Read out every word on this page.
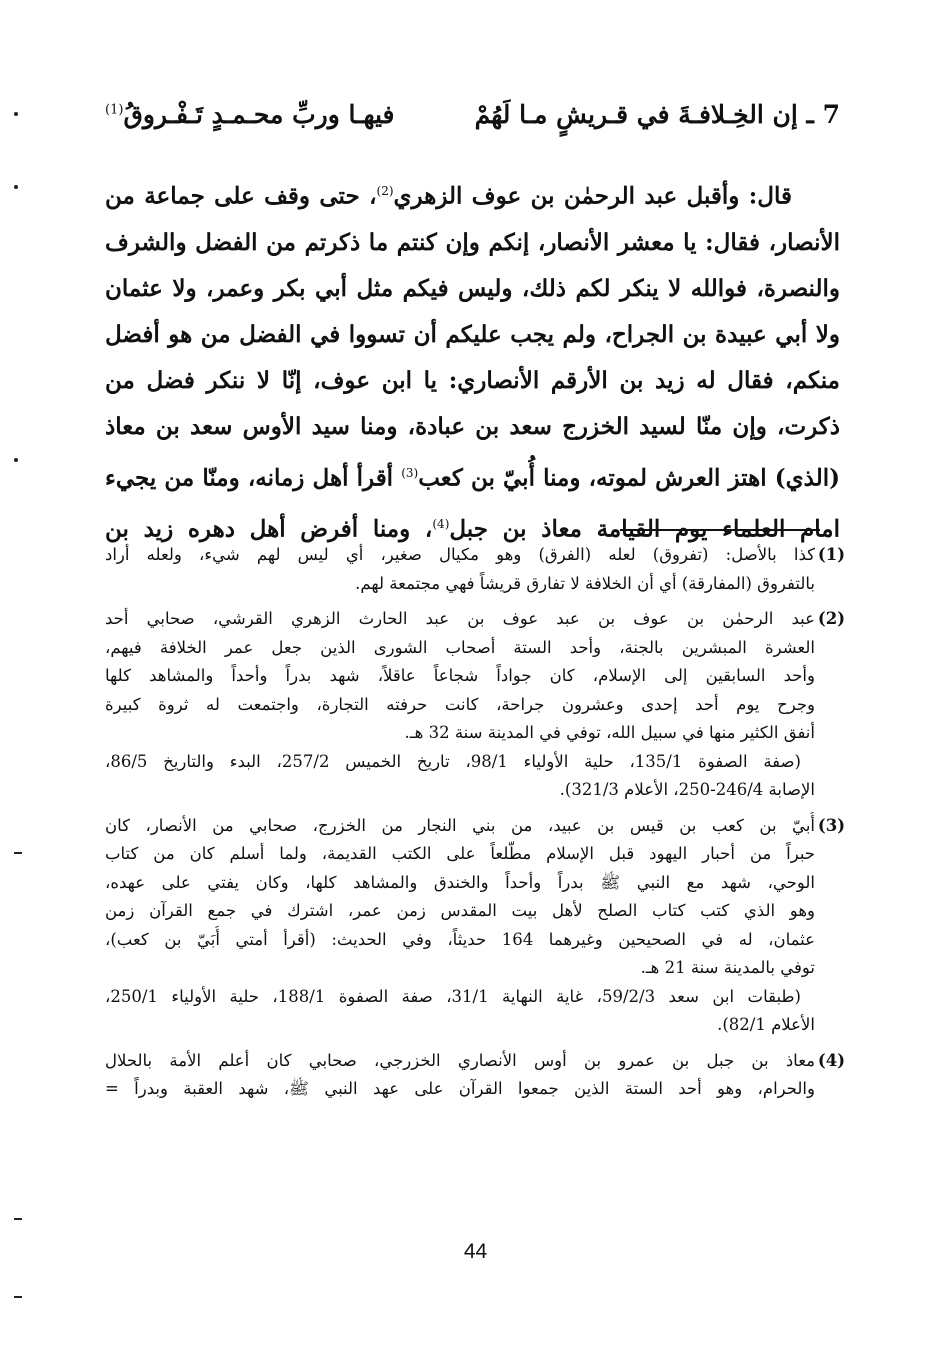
7 ـ إن الخِـلافـةَ في قـريشٍ مـا لَهُمْ
فيهـا وربِّ محـمـدٍ تَـفْـروقُ$^{(1)}$

قال: وأقبل عبد الرحمٰن بن عوف الزهري$^{(2)}$، حتى وقف على جماعة من

الأنصار، فقال: يا معشر الأنصار، إنكم وإن كنتم ما ذكرتم من الفضل والشرف

والنصرة، فوالله لا ينكر لكم ذلك، وليس فيكم مثل أبي بكر وعمر، ولا عثمان

ولا أبي عبيدة بن الجراح، ولم يجب عليكم أن تسووا في الفضل من هو أفضل

منكم، فقال له زيد بن الأرقم الأنصاري: يا ابن عوف، إنّا لا ننكر فضل من

ذكرت، وإن منّا لسيد الخزرج سعد بن عبادة، ومنا سيد الأوس سعد بن معاذ

(الذي) اهتز العرش لموته، ومنا أُبيّ بن كعب$^{(3)}$ أقرأ أهل زمانه، ومنّا من يجيء

امام العلماء يوم القيامة معاذ بن جبل$^{(4)}$، ومنا أفرض أهل دهره زيد بن

(1)
كذا بالأصل: (تفروق) لعله (الفرق) وهو مكيال صغير، أي ليس لهم شيء، ولعله أراد
بالتفروق (المفارقة) أي أن الخلافة لا تفارق قريشاً فهي مجتمعة لهم.
(2)
عبد الرحمٰن بن عوف بن عبد عوف بن عبد الحارث الزهري القرشي، صحابي أحد
العشرة المبشرين بالجنة، وأحد الستة أصحاب الشورى الذين جعل عمر الخلافة فيهم،
وأحد السابقين إلى الإسلام، كان جواداً شجاعاً عاقلاً، شهد بدراً وأحداً والمشاهد كلها
وجرح يوم أحد إحدى وعشرون جراحة، كانت حرفته التجارة، واجتمعت له ثروة كبيرة
أنفق الكثير منها في سبيل الله، توفي في المدينة سنة 32 هـ.
(صفة الصفوة 135/1، حلية الأولياء 98/1، تاريخ الخميس 257/2، البدء والتاريخ 86/5،
الإصابة 246/4-250، الأعلام 321/3).
(3)
أُبيّ بن كعب بن قيس بن عبيد، من بني النجار من الخزرج، صحابي من الأنصار، كان
حبراً من أحبار اليهود قبل الإسلام مطّلعاً على الكتب القديمة، ولما أسلم كان من كتاب
الوحي، شهد مع النبي ﷺ بدراً وأحداً والخندق والمشاهد كلها، وكان يفتي على عهده،
وهو الذي كتب كتاب الصلح لأهل بيت المقدس زمن عمر، اشترك في جمع القرآن زمن
عثمان، له في الصحيحين وغيرهما 164 حديثاً، وفي الحديث: (أقرأ أمتي أُبَيّ بن كعب)،
توفي بالمدينة سنة 21 هـ.
(طبقات ابن سعد 59/2/3، غاية النهاية 31/1، صفة الصفوة 188/1، حلية الأولياء 250/1،
الأعلام 82/1).
(4)
معاذ بن جبل بن عمرو بن أوس الأنصاري الخزرجي، صحابي كان أعلم الأمة بالحلال
والحرام، وهو أحد الستة الذين جمعوا القرآن على عهد النبي ﷺ، شهد العقبة وبدراً =
44
